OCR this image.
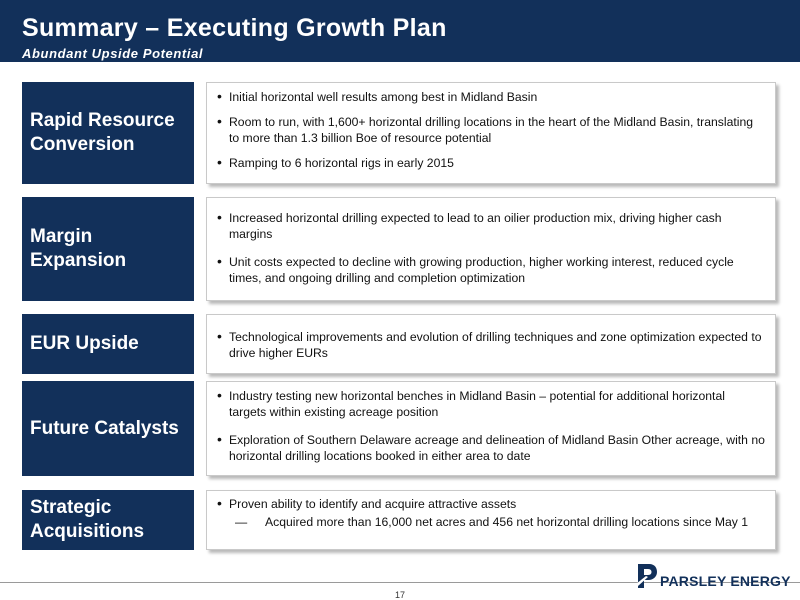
Summary – Executing Growth Plan
Abundant Upside Potential
Rapid Resource Conversion
• Initial horizontal well results among best in Midland Basin
• Room to run, with 1,600+ horizontal drilling locations in the heart of the Midland Basin, translating to more than 1.3 billion Boe of resource potential
• Ramping to 6 horizontal rigs in early 2015
Margin Expansion
• Increased horizontal drilling expected to lead to an oilier production mix, driving higher cash margins
• Unit costs expected to decline with growing production, higher working interest, reduced cycle times, and ongoing drilling and completion optimization
EUR Upside
•	Technological improvements and evolution of drilling techniques and zone optimization expected to drive higher EURs
Future Catalysts
• Industry testing new horizontal benches in Midland Basin – potential for additional horizontal targets within existing acreage position
• Exploration of Southern Delaware acreage and delineation of Midland Basin Other acreage, with no horizontal drilling locations booked in either area to date
Strategic Acquisitions
• Proven ability to identify and acquire attractive assets
— Acquired more than 16,000 net acres and 456 net horizontal drilling locations since May 1
17
PARSLEY ENERGY
